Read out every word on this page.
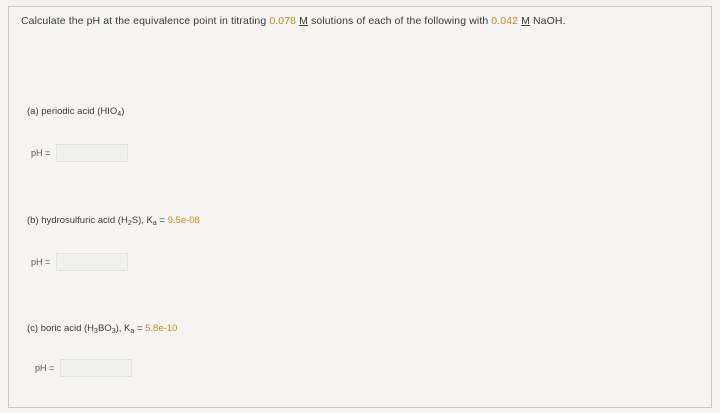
Calculate the pH at the equivalence point in titrating 0.078 M solutions of each of the following with 0.042 M NaOH.
(a) periodic acid $(HIO_4)$
pH =
(b) hydrosulfuric acid $(H_2S)$, $K_a = 9.5e-08$
pH =
(c) boric acid $(H_3BO_3)$, $K_a = 5.8e-10$
pH =
